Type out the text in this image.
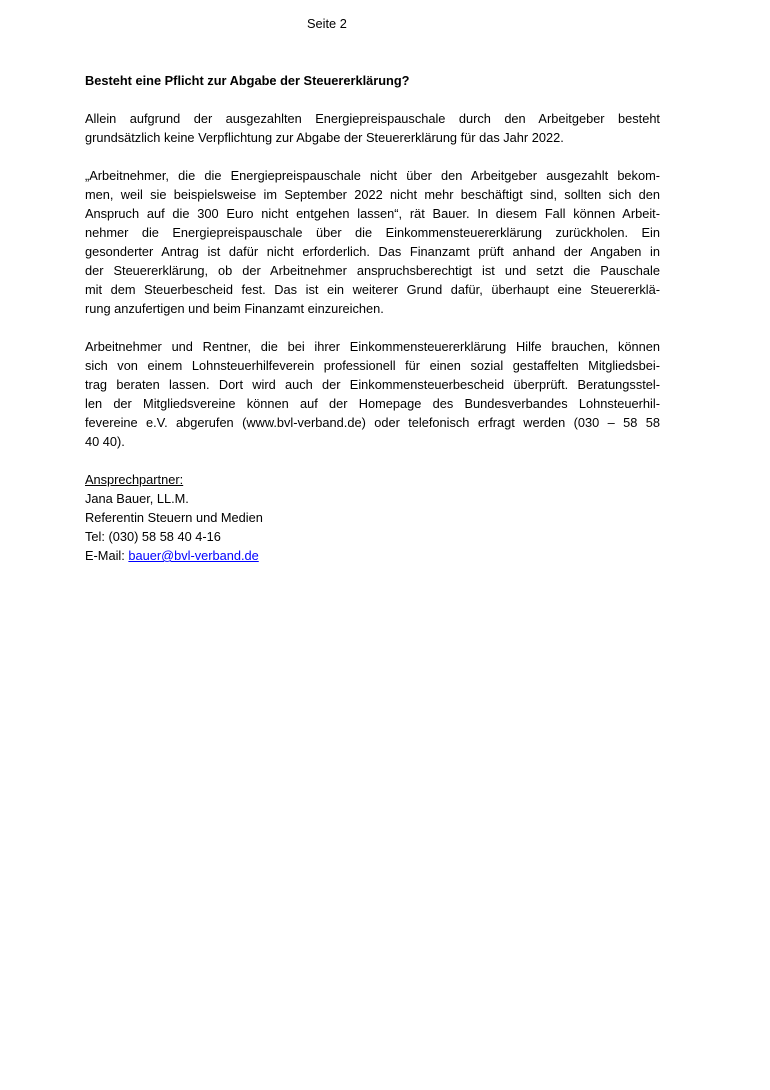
Seite 2
Besteht eine Pflicht zur Abgabe der Steuererklärung?
Allein aufgrund der ausgezahlten Energiepreispauschale durch den Arbeitgeber besteht
grundsätzlich keine Verpflichtung zur Abgabe der Steuererklärung für das Jahr 2022.
„Arbeitnehmer, die die Energiepreispauschale nicht über den Arbeitgeber ausgezahlt bekom-
men, weil sie beispielsweise im September 2022 nicht mehr beschäftigt sind, sollten sich den
Anspruch auf die 300 Euro nicht entgehen lassen“, rät Bauer. In diesem Fall können Arbeit-
nehmer die Energiepreispauschale über die Einkommensteuererklärung zurückholen. Ein
gesonderter Antrag ist dafür nicht erforderlich. Das Finanzamt prüft anhand der Angaben in
der Steuererklärung, ob der Arbeitnehmer anspruchsberechtigt ist und setzt die Pauschale
mit dem Steuerbescheid fest. Das ist ein weiterer Grund dafür, überhaupt eine Steuererklä-
rung anzufertigen und beim Finanzamt einzureichen.
Arbeitnehmer und Rentner, die bei ihrer Einkommensteuererklärung Hilfe brauchen, können
sich von einem Lohnsteuerhilfeverein professionell für einen sozial gestaffelten Mitgliedsbei-
trag beraten lassen. Dort wird auch der Einkommensteuerbescheid überprüft. Beratungsstel-
len der Mitgliedsvereine können auf der Homepage des Bundesverbandes Lohnsteuerhil-
fevereine e.V. abgerufen (www.bvl-verband.de) oder telefonisch erfragt werden (030 – 58 58
40 40).
Ansprechpartner:
Jana Bauer, LL.M.
Referentin Steuern und Medien
Tel: (030) 58 58 40 4-16
E-Mail: bauer@bvl-verband.de
